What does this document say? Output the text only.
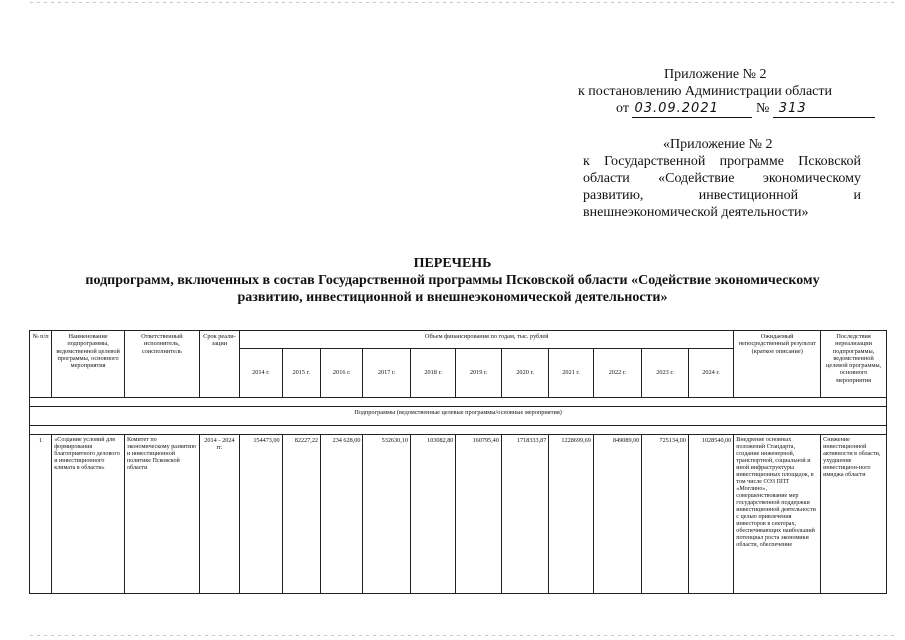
Приложение № 2
к постановлению Администрации области
от 03.09.2021	№ 313
«Приложение № 2
к Государственной программе Псковской области «Содействие экономическому развитию, инвестиционной и внешнеэкономической деятельности»
ПЕРЕЧЕНЬ
подпрограмм, включенных в состав Государственной программы Псковской области «Содействие экономическому
развитию, инвестиционной и внешнеэкономической деятельности»
№ п/п	Наименование подпрограммы, ведомственной целевой программы, основного мероприятия	Ответственный исполнитель, соисполнитель	Срок реали-зации	Объем финансирования по годам, тыс. рублей											Ожидаемый непосредственный результат (краткое описание)	Последствия нереализации подпрограммы, ведомственной целевой программы, основного мероприятия
				2014 г.	2015 г.	2016 г.	2017 г.	2018 г.	2019 г.	2020 г.	2021 г.	2022 г.	2023 г.	2024 г.		

Подпрограммы (ведомственные целевые программы/основные мероприятия)																

1	«Создание условий для формирования благоприятного делового и инвестиционного климата в области»	Комитет по экономическому развитию и инвестиционной политике Псковской области	2014 - 2024 гг.	154473,00	82227,22	234 628,00	532630,10	103082,80	160795,40	1718333,87	1228699,69	849089,00	725134,00	1028540,00	Внедрение основных положений Стандарта, создание инженерной, транспортной, социальной и иной инфраструктуры инвестиционных площадок, в том числе ОЭЗ ППТ «Моглино», совершенствование мер государственной поддержки инвестиционной деятельности с целью привлечения инвесторов в секторах, обеспечивающих наибольший потенциал роста экономики области, обеспечение	Снижение инвестиционной активности в области, ухудшение инвестицион-ного имиджа области
